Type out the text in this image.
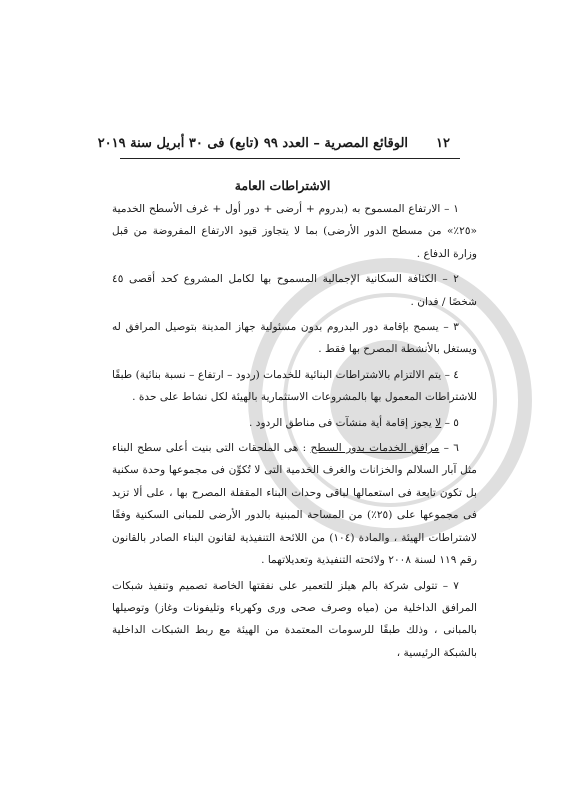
١٢
الوقائع المصرية – العدد ٩٩ (تابع) فى ٣٠ أبريل سنة ٢٠١٩
الاشتراطات العامة

١ – الارتفاع المسموح به (بدروم + أرضى + دور أول + غرف الأسطح الخدمية «٢٥٪» من مسطح الدور الأرضى) بما لا يتجاوز قيود الارتفاع المفروضة من قبل وزارة الدفاع .

٢ – الكثافة السكانية الإجمالية المسموح بها لكامل المشروع كحد أقصى ٤٥ شخصًا / فدان .

٣ – يسمح بإقامة دور البدروم بدون مسئولية جهاز المدينة بتوصيل المرافق له ويستغل بالأنشطة المصرح بها فقط .

٤ – يتم الالتزام بالاشتراطات البنائية للخدمات (ردود – ارتفاع – نسبة بنائية) طبقًا للاشتراطات المعمول بها بالمشروعات الاستثمارية بالهيئة لكل نشاط على حدة .

٥ – لا يجوز إقامة أية منشآت فى مناطق الردود .

٦ – مرافق الخدمات بدور السطح : هى الملحقات التى بنيت أعلى سطح البناء مثل آبار السلالم والخزانات والغرف الخدمية التى لا تُكوِّن فى مجموعها وحدة سكنية بل تكون تابعة فى استعمالها لباقى وحدات البناء المقفلة المصرح بها ، على ألا تزيد فى مجموعها على (٢٥٪) من المساحة المبنية بالدور الأرضى للمبانى السكنية وفقًا لاشتراطات الهيئة ، والمادة (١٠٤) من اللائحة التنفيذية لقانون البناء الصادر بالقانون رقم ١١٩ لسنة ٢٠٠٨ ولائحته التنفيذية وتعديلاتهما .

٧ – تتولى شركة بالم هيلز للتعمير على نفقتها الخاصة تصميم وتنفيذ شبكات المرافق الداخلية من (مياه وصرف صحى ورى وكهرباء وتليفونات وغاز) وتوصيلها بالمبانى ، وذلك طبقًا للرسومات المعتمدة من الهيئة مع ربط الشبكات الداخلية بالشبكة الرئيسية ،
